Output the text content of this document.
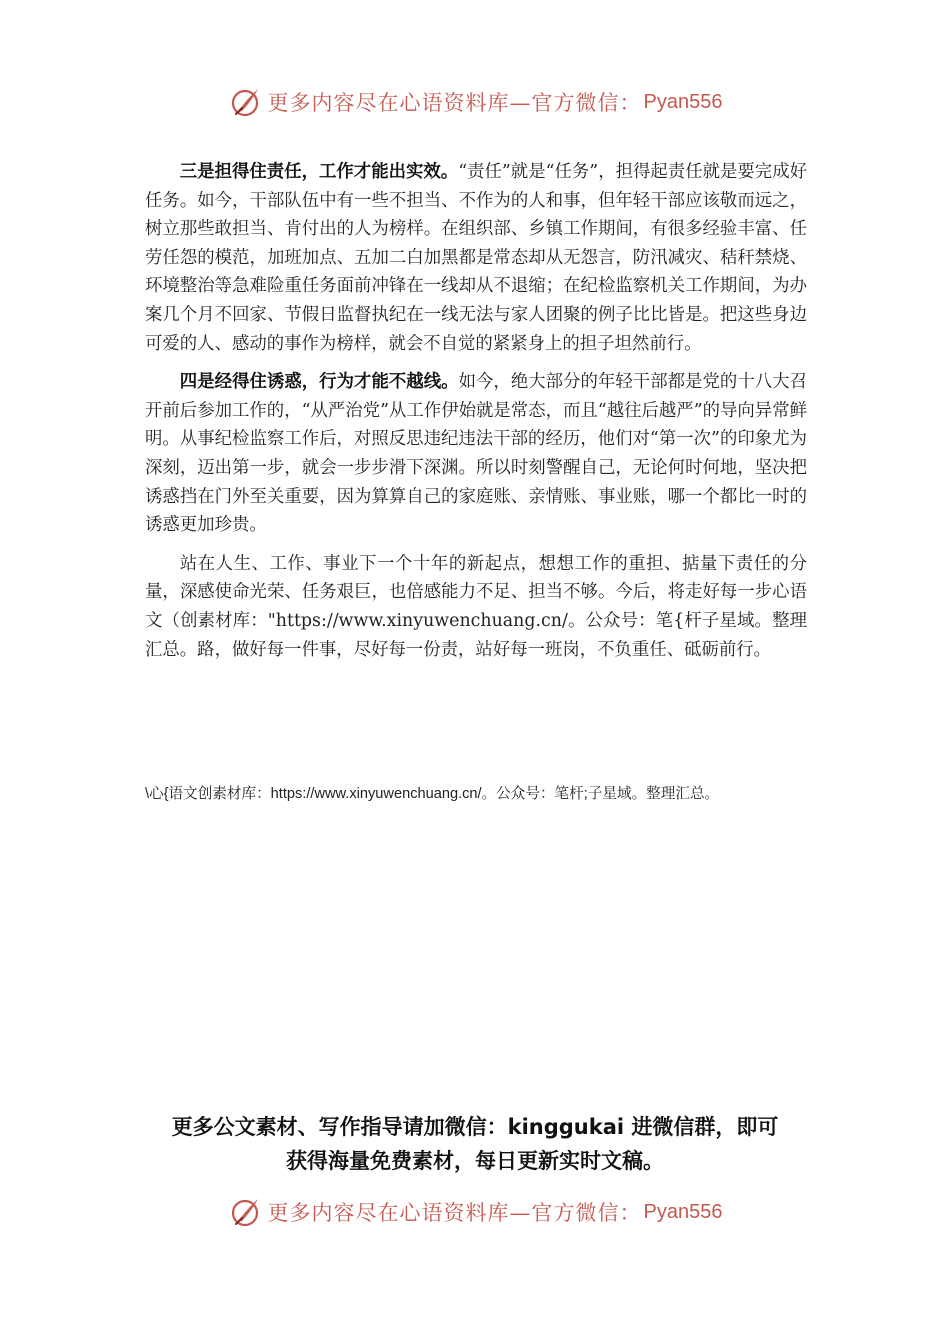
更多内容尽在心语资料库—官方微信： Pyan556

三是担得住责任，工作才能出实效。“责任”就是“任务”，担得起责任就是要完成好任务。如今，干部队伍中有一些不担当、不作为的人和事，但年轻干部应该敬而远之，树立那些敢担当、肯付出的人为榜样。在组织部、乡镇工作期间，有很多经验丰富、任劳任怨的模范，加班加点、五加二白加黑都是常态却从无怨言，防汛减灾、秸秆禁烧、环境整治等急难险重任务面前冲锋在一线却从不退缩；在纪检监察机关工作期间，为办案几个月不回家、节假日监督执纪在一线无法与家人团聚的例子比比皆是。把这些身边可爱的人、感动的事作为榜样，就会不自觉的紧紧身上的担子坦然前行。

四是经得住诱惑，行为才能不越线。如今，绝大部分的年轻干部都是党的十八大召开前后参加工作的，“从严治党”从工作伊始就是常态，而且“越往后越严”的导向异常鲜明。从事纪检监察工作后，对照反思违纪违法干部的经历，他们对“第一次”的印象尤为深刻，迈出第一步，就会一步步滑下深渊。所以时刻警醒自己，无论何时何地，坚决把诱惑挡在门外至关重要，因为算算自己的家庭账、亲情账、事业账，哪一个都比一时的诱惑更加珍贵。

站在人生、工作、事业下一个十年的新起点，想想工作的重担、掂量下责任的分量，深感使命光荣、任务艰巨，也倍感能力不足、担当不够。今后，将走好每一步心语文（创素材库："https://www.xinyuwenchuang.cn/。公众号：笔{杆子星域。整理汇总。路，做好每一件事，尽好每一份责，站好每一班岗，不负重任、砥砺前行。

\心{语文创素材库：https://www.xinyuwenchuang.cn/。公众号：笔杆;子星域。整理汇总。
更多公文素材、写作指导请加微信：kinggukai 进微信群，即可
获得海量免费素材，每日更新实时文稿。
更多内容尽在心语资料库—官方微信： Pyan556
